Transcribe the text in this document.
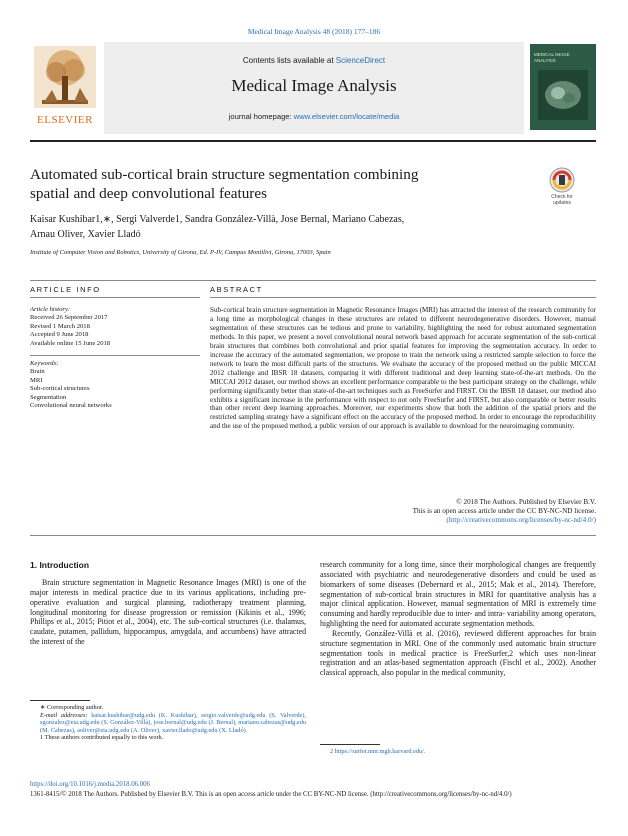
Medical Image Analysis 48 (2018) 177–186
ELSEVIER
Contents lists available at ScienceDirect
Medical Image Analysis
journal homepage: www.elsevier.com/locate/media
MEDICAL IMAGE ANALYSIS
Automated sub-cortical brain structure segmentation combining
spatial and deep convolutional features	Check for updates
Kaisar Kushibar1,∗, Sergi Valverde1, Sandra González-Villà, Jose Bernal, Mariano Cabezas,
Arnau Oliver, Xavier Lladó
Institute of Computer Vision and Robotics, University of Girona, Ed. P-IV, Campus Montilivi, Girona, 17003, Spain
ARTICLE INFO	ABSTRACT
Article history:
Received 26 September 2017
Revised 1 March 2018
Accepted 9 June 2018
Available online 15 June 2018
Keywords:
Brain
MRI
Sub-cortical structures
Segmentation
Convolutional neural networks
Sub-cortical brain structure segmentation in Magnetic Resonance Images (MRI) has attracted the interest of the research community for a long time as morphological changes in these structures are related to different neurodegenerative disorders. However, manual segmentation of these structures can be tedious and prone to variability, highlighting the need for robust automated segmentation methods. In this paper, we present a novel convolutional neural network based approach for accurate segmentation of the sub-cortical brain structures that combines both convolutional and prior spatial features for improving the segmentation accuracy. In order to increase the accuracy of the automated segmentation, we propose to train the network using a restricted sample selection to force the network to learn the most difficult parts of the structures. We evaluate the accuracy of the proposed method on the public MICCAI 2012 challenge and IBSR 18 datasets, comparing it with different traditional and deep learning state-of-the-art methods. On the MICCAI 2012 dataset, our method shows an excellent performance comparable to the best participant strategy on the challenge, while performing significantly better than state-of-the-art techniques such as FreeSurfer and FIRST. On the IBSR 18 dataset, our method also exhibits a significant increase in the performance with respect to not only FreeSurfer and FIRST, but also comparable or better results than other recent deep learning approaches. Moreover, our experiments show that both the addition of the spatial priors and the restricted sampling strategy have a significant effect on the accuracy of the proposed method. In order to encourage the reproducibility and the use of the proposed method, a public version of our approach is available to download for the neuroimaging community.
© 2018 The Authors. Published by Elsevier B.V.
This is an open access article under the CC BY-NC-ND license.
(http://creativecommons.org/licenses/by-nc-nd/4.0/)
1. Introduction
Brain structure segmentation in Magnetic Resonance Images (MRI) is one of the major interests in medical practice due to its various applications, including pre-operative evaluation and surgical planning, radiotherapy treatment planning, longitudinal monitoring for disease progression or remission (Kikinis et al., 1996; Phillips et al., 2015; Pitiot et al., 2004), etc. The sub-cortical structures (i.e. thalamus, caudate, putamen, pallidum, hippocampus, amygdala, and accumbens) have attracted the interest of the
research community for a long time, since their morphological changes are frequently associated with psychiatric and neurodegenerative disorders and could be used as biomarkers of some diseases (Debernard et al., 2015; Mak et al., 2014). Therefore, segmentation of sub-cortical brain structures in MRI for quantitative analysis has a major clinical application. However, manual segmentation of MRI is extremely time consuming and hardly reproducible due to inter- and intra- variability among operators, highlighting the need for automated accurate segmentation methods.
Recently, González-Villà et al. (2016), reviewed different approaches for brain structure segmentation in MRI. One of the commonly used automatic brain structure segmentation tools in medical practice is FreeSurfer,2 which uses non-linear registration and an atlas-based segmentation approach (Fischl et al., 2002). Another classical approach, also popular in the medical community,
∗ Corresponding author.
E-mail addresses: kaisar.kushibar@udg.edu (K. Kushibar), sergio.valverde@udg.edu (S. Valverde), sgonzalez@eia.udg.edu (S. González-Villà), jose.bernal@udg.edu (J. Bernal), mariano.cabezas@udg.edu (M. Cabezas), aoliver@eia.udg.edu (A. Oliver), xavier.llado@udg.edu (X. Lladó).
1 These authors contributed equally to this work.
2 https://surfer.nmr.mgh.harvard.edu/.
https://doi.org/10.1016/j.media.2018.06.006
1361-8415/© 2018 The Authors. Published by Elsevier B.V. This is an open access article under the CC BY-NC-ND license. (http://creativecommons.org/licenses/by-nc-nd/4.0/)
